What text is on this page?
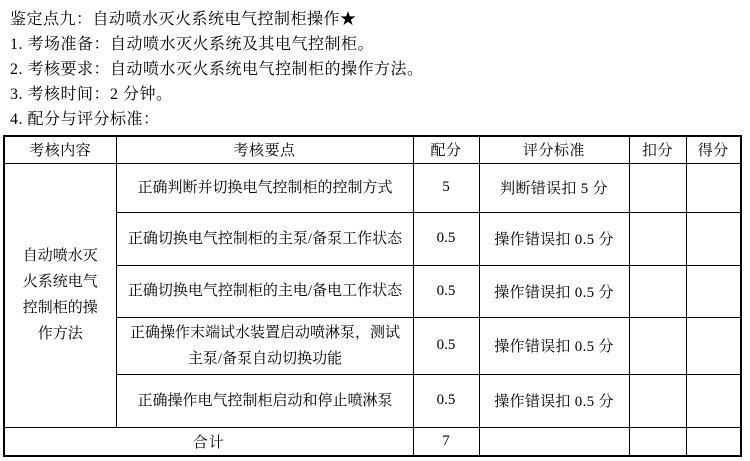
鉴定点九：自动喷水灭火系统电气控制柜操作★
1. 考场准备：自动喷水灭火系统及其电气控制柜。
2. 考核要求：自动喷水灭火系统电气控制柜的操作方法。
3. 考核时间：2 分钟。
4. 配分与评分标准：
考核内容	考核要点	配分	评分标准	扣分	得分
自动喷水灭火系统电气控制柜的操作方法	正确判断并切换电气控制柜的控制方式	5	判断错误扣 5 分		
	正确切换电气控制柜的主泵/备泵工作状态	0.5	操作错误扣 0.5 分		
	正确切换电气控制柜的主电/备电工作状态	0.5	操作错误扣 0.5 分		
	正确操作末端试水装置启动喷淋泵，测试主泵/备泵自动切换功能	0.5	操作错误扣 0.5 分		
	正确操作电气控制柜启动和停止喷淋泵	0.5	操作错误扣 0.5 分		
合计		7			
